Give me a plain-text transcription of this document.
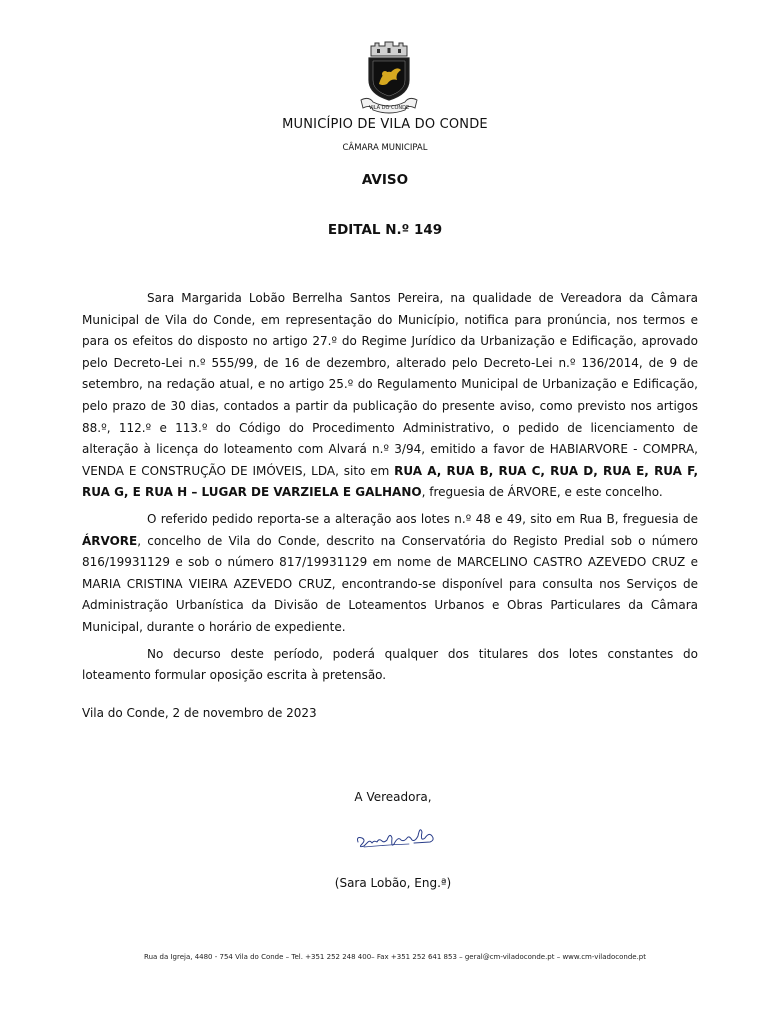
VILA DO CONDE
MUNICÍPIO DE VILA DO CONDE
CÂMARA MUNICIPAL
AVISO
EDITAL N.º 149

Sara Margarida Lobão Berrelha Santos Pereira, na qualidade de Vereadora da Câmara Municipal de Vila do Conde, em representação do Município, notifica para pronúncia, nos termos e para os efeitos do disposto no artigo 27.º do Regime Jurídico da Urbanização e Edificação, aprovado pelo Decreto-Lei n.º 555/99, de 16 de dezembro, alterado pelo Decreto-Lei n.º 136/2014, de 9 de setembro, na redação atual, e no artigo 25.º do Regulamento Municipal de Urbanização e Edificação, pelo prazo de 30 dias, contados a partir da publicação do presente aviso, como previsto nos artigos 88.º, 112.º e 113.º do Código do Procedimento Administrativo, o pedido de licenciamento de alteração à licença do loteamento com Alvará n.º 3/94, emitido a favor de HABIARVORE - COMPRA, VENDA E CONSTRUÇÃO DE IMÓVEIS, LDA, sito em RUA A, RUA B, RUA C, RUA D, RUA E, RUA F, RUA G, E RUA H – LUGAR DE VARZIELA E GALHANO, freguesia de ÁRVORE, e este concelho.

O referido pedido reporta-se a alteração aos lotes n.º 48 e 49, sito em Rua B, freguesia de ÁRVORE, concelho de Vila do Conde, descrito na Conservatória do Registo Predial sob o número 816/19931129 e sob o número 817/19931129 em nome de MARCELINO CASTRO AZEVEDO CRUZ e MARIA CRISTINA VIEIRA AZEVEDO CRUZ, encontrando-se disponível para consulta nos Serviços de Administração Urbanística da Divisão de Loteamentos Urbanos e Obras Particulares da Câmara Municipal, durante o horário de expediente.

No decurso deste período, poderá qualquer dos titulares dos lotes constantes do loteamento formular oposição escrita à pretensão.

Vila do Conde, 2 de novembro de 2023
A Vereadora,
(Sara Lobão, Eng.ª)
Rua da Igreja, 4480 - 754 Vila do Conde – Tel. +351 252 248 400– Fax +351 252 641 853 – geral@cm-viladoconde.pt – www.cm-viladoconde.pt
